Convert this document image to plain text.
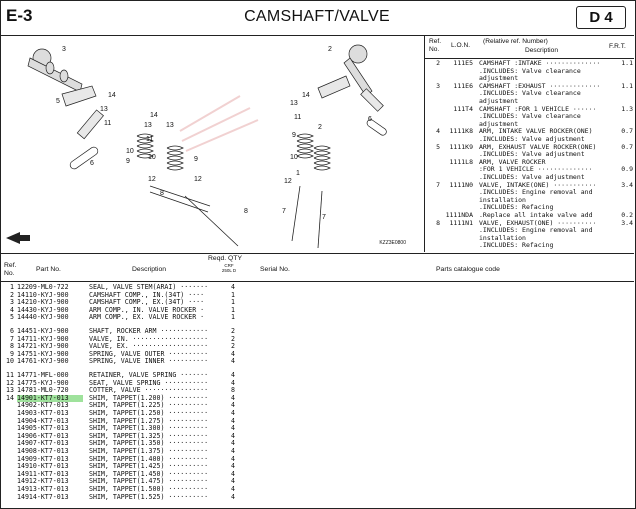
E-3	CAMSHAFT/VALVE	D 4
3
5
14
13
11
10
9
12
6
8
2
14
13
11
10
9
6
12
7
7
8
14
13 13
11
10	9
12
1
2
KZZ3E0800
Ref. No.
L.O.N.
(Relative ref. Number)
Description
F.R.T.
2	111E5 CAMSHAFT :INTAKE ··············	1.1
.INCLUDES: Valve clearance
adjustment
3	111E6 CAMSHAFT :EXHAUST ·············	1.1
.INCLUDES: Valve clearance
adjustment
111T4 CAMSHAFT :FOR 1 VEHICLE ······	1.3
.INCLUDES: Valve clearance
adjustment
4	1111K8 ARM, INTAKE VALVE ROCKER(ONE)	0.7
.INCLUDES: Valve adjustment
5	1111K9 ARM, EXHAUST VALVE ROCKER(ONE)	0.7
.INCLUDES: Valve adjustment
1111L8 ARM, VALVE ROCKER
:FOR 1 VEHICLE ··············	0.9
.INCLUDES: Valve adjustment
7	1111N0 VALVE, INTAKE(ONE) ···········	3.4
.INCLUDES: Engine removal and
installation
.INCLUDES: Refacing
1111NDA .Replace all intake valve add	0.2
8	1111N1 VALVE, EXHAUST(ONE) ··········	3.4
.INCLUDES: Engine removal and
installation
.INCLUDES: Refacing
Ref. No.
Part No.	Description
Reqd. QTY
CRF 250L D	Serial No.	Parts catalogue code
1 12209-ML0-722	SEAL, VALVE STEM(ARAI) ·······	4
2 14110-KYJ-900	CAMSHAFT COMP., IN.(34T) ····	1
3 14210-KYJ-900	CAMSHAFT COMP., EX.(34T) ····	1
4 14430-KYJ-900	ARM COMP., IN. VALVE ROCKER ·	1
5 14440-KYJ-900	ARM COMP., EX. VALVE ROCKER ·	1
6 14451-KYJ-900	SHAFT, ROCKER ARM ············	2
7 14711-KYJ-900	VALVE, IN. ···················	2
8 14721-KYJ-900	VALVE, EX. ···················	2
9 14751-KYJ-900	SPRING, VALVE OUTER ··········	4
10 14761-KYJ-900	SPRING, VALVE INNER ··········	4
11 14771-MFL-000	RETAINER, VALVE SPRING ·······	4
12 14775-KYJ-900	SEAT, VALVE SPRING ···········	4
13 14781-ML0-720	COTTER, VALVE ················	8
14 14901-KT7-013	SHIM, TAPPET(1.200) ··········	4
14902-KT7-013	SHIM, TAPPET(1.225) ··········	4
14903-KT7-013	SHIM, TAPPET(1.250) ··········	4
14904-KT7-013	SHIM, TAPPET(1.275) ··········	4
14905-KT7-013	SHIM, TAPPET(1.300) ··········	4
14906-KT7-013	SHIM, TAPPET(1.325) ··········	4
14907-KT7-013	SHIM, TAPPET(1.350) ··········	4
14908-KT7-013	SHIM, TAPPET(1.375) ··········	4
14909-KT7-013	SHIM, TAPPET(1.400) ··········	4
14910-KT7-013	SHIM, TAPPET(1.425) ··········	4
14911-KT7-013	SHIM, TAPPET(1.450) ··········	4
14912-KT7-013	SHIM, TAPPET(1.475) ··········	4
14913-KT7-013	SHIM, TAPPET(1.500) ··········	4
14914-KT7-013	SHIM, TAPPET(1.525) ··········	4
